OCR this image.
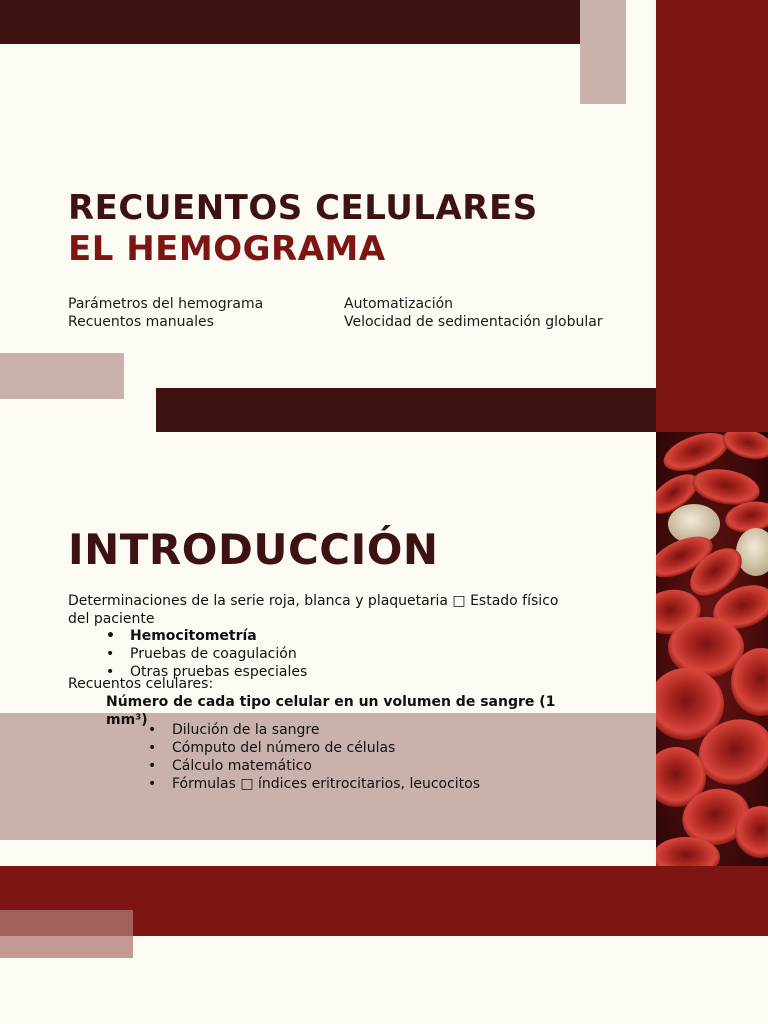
RECUENTOS CELULARES
EL HEMOGRAMA
Parámetros del hemograma
Recuentos manuales
Automatización
Velocidad de sedimentación globular
INTRODUCCIÓN
Determinaciones de la serie roja, blanca y plaquetaria □ Estado físico
del paciente
• Hemocitometría
• Pruebas de coagulación
• Otras pruebas especiales
Recuentos celulares:
Número de cada tipo celular en un volumen de sangre (1
mm³)
• Dilución de la sangre
• Cómputo del número de células
• Cálculo matemático
• Fórmulas □ índices eritrocitarios, leucocitos
